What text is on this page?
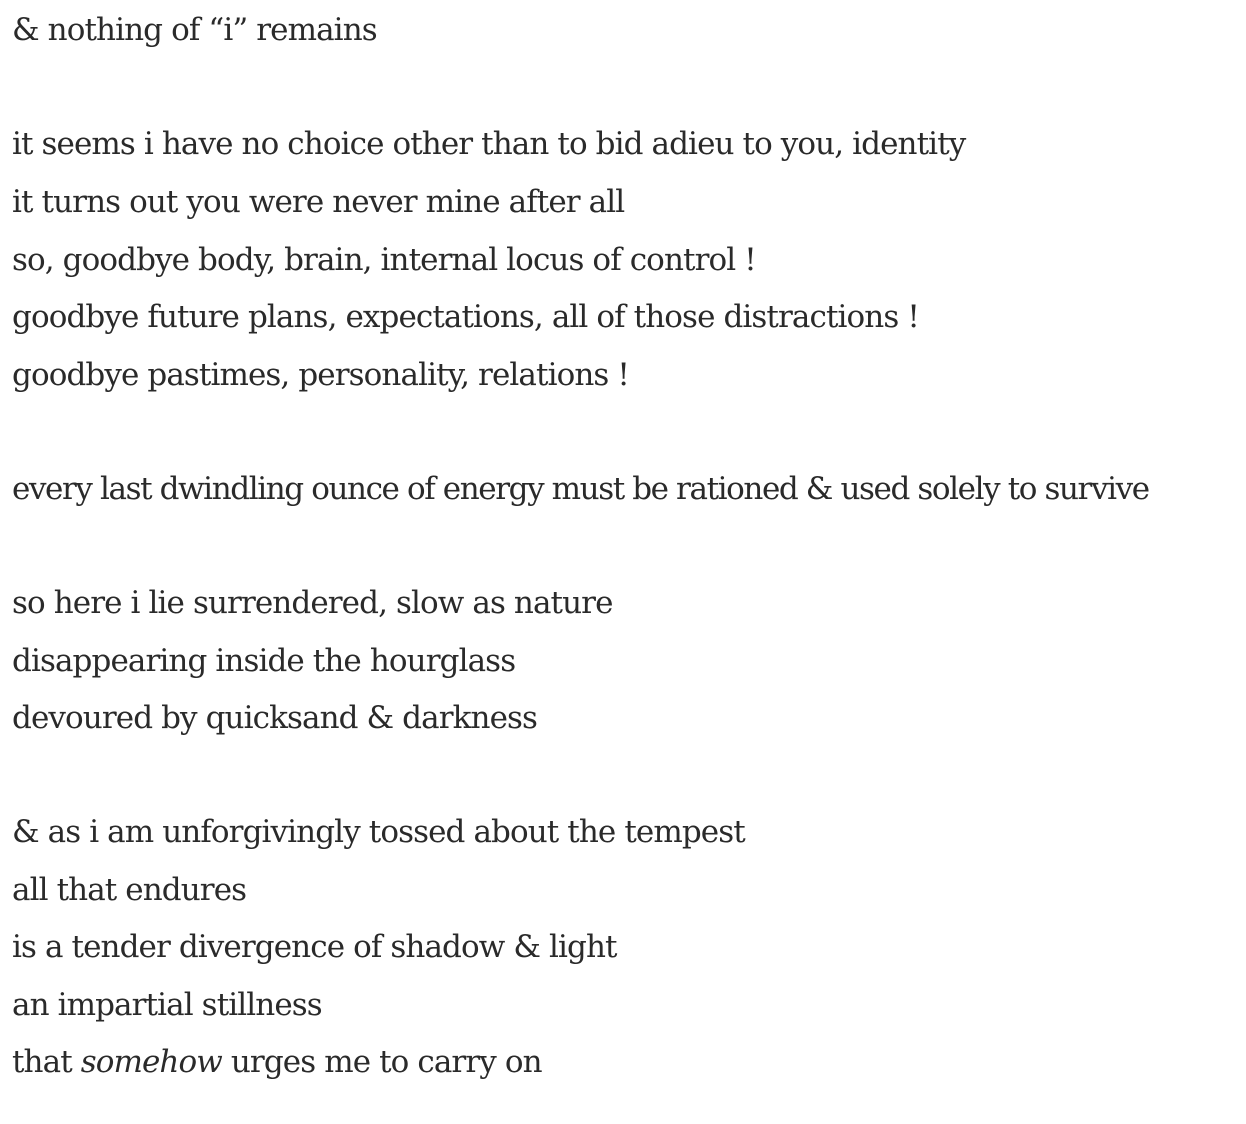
& nothing of “i” remains
it seems i have no choice other than to bid adieu to you, identity
it turns out you were never mine after all
so, goodbye body, brain, internal locus of control !
goodbye future plans, expectations, all of those distractions !
goodbye pastimes, personality, relations !
every last dwindling ounce of energy must be rationed & used solely to survive
so here i lie surrendered, slow as nature
disappearing inside the hourglass
devoured by quicksand & darkness
& as i am unforgivingly tossed about the tempest
all that endures
is a tender divergence of shadow & light
an impartial stillness
that somehow urges me to carry on
